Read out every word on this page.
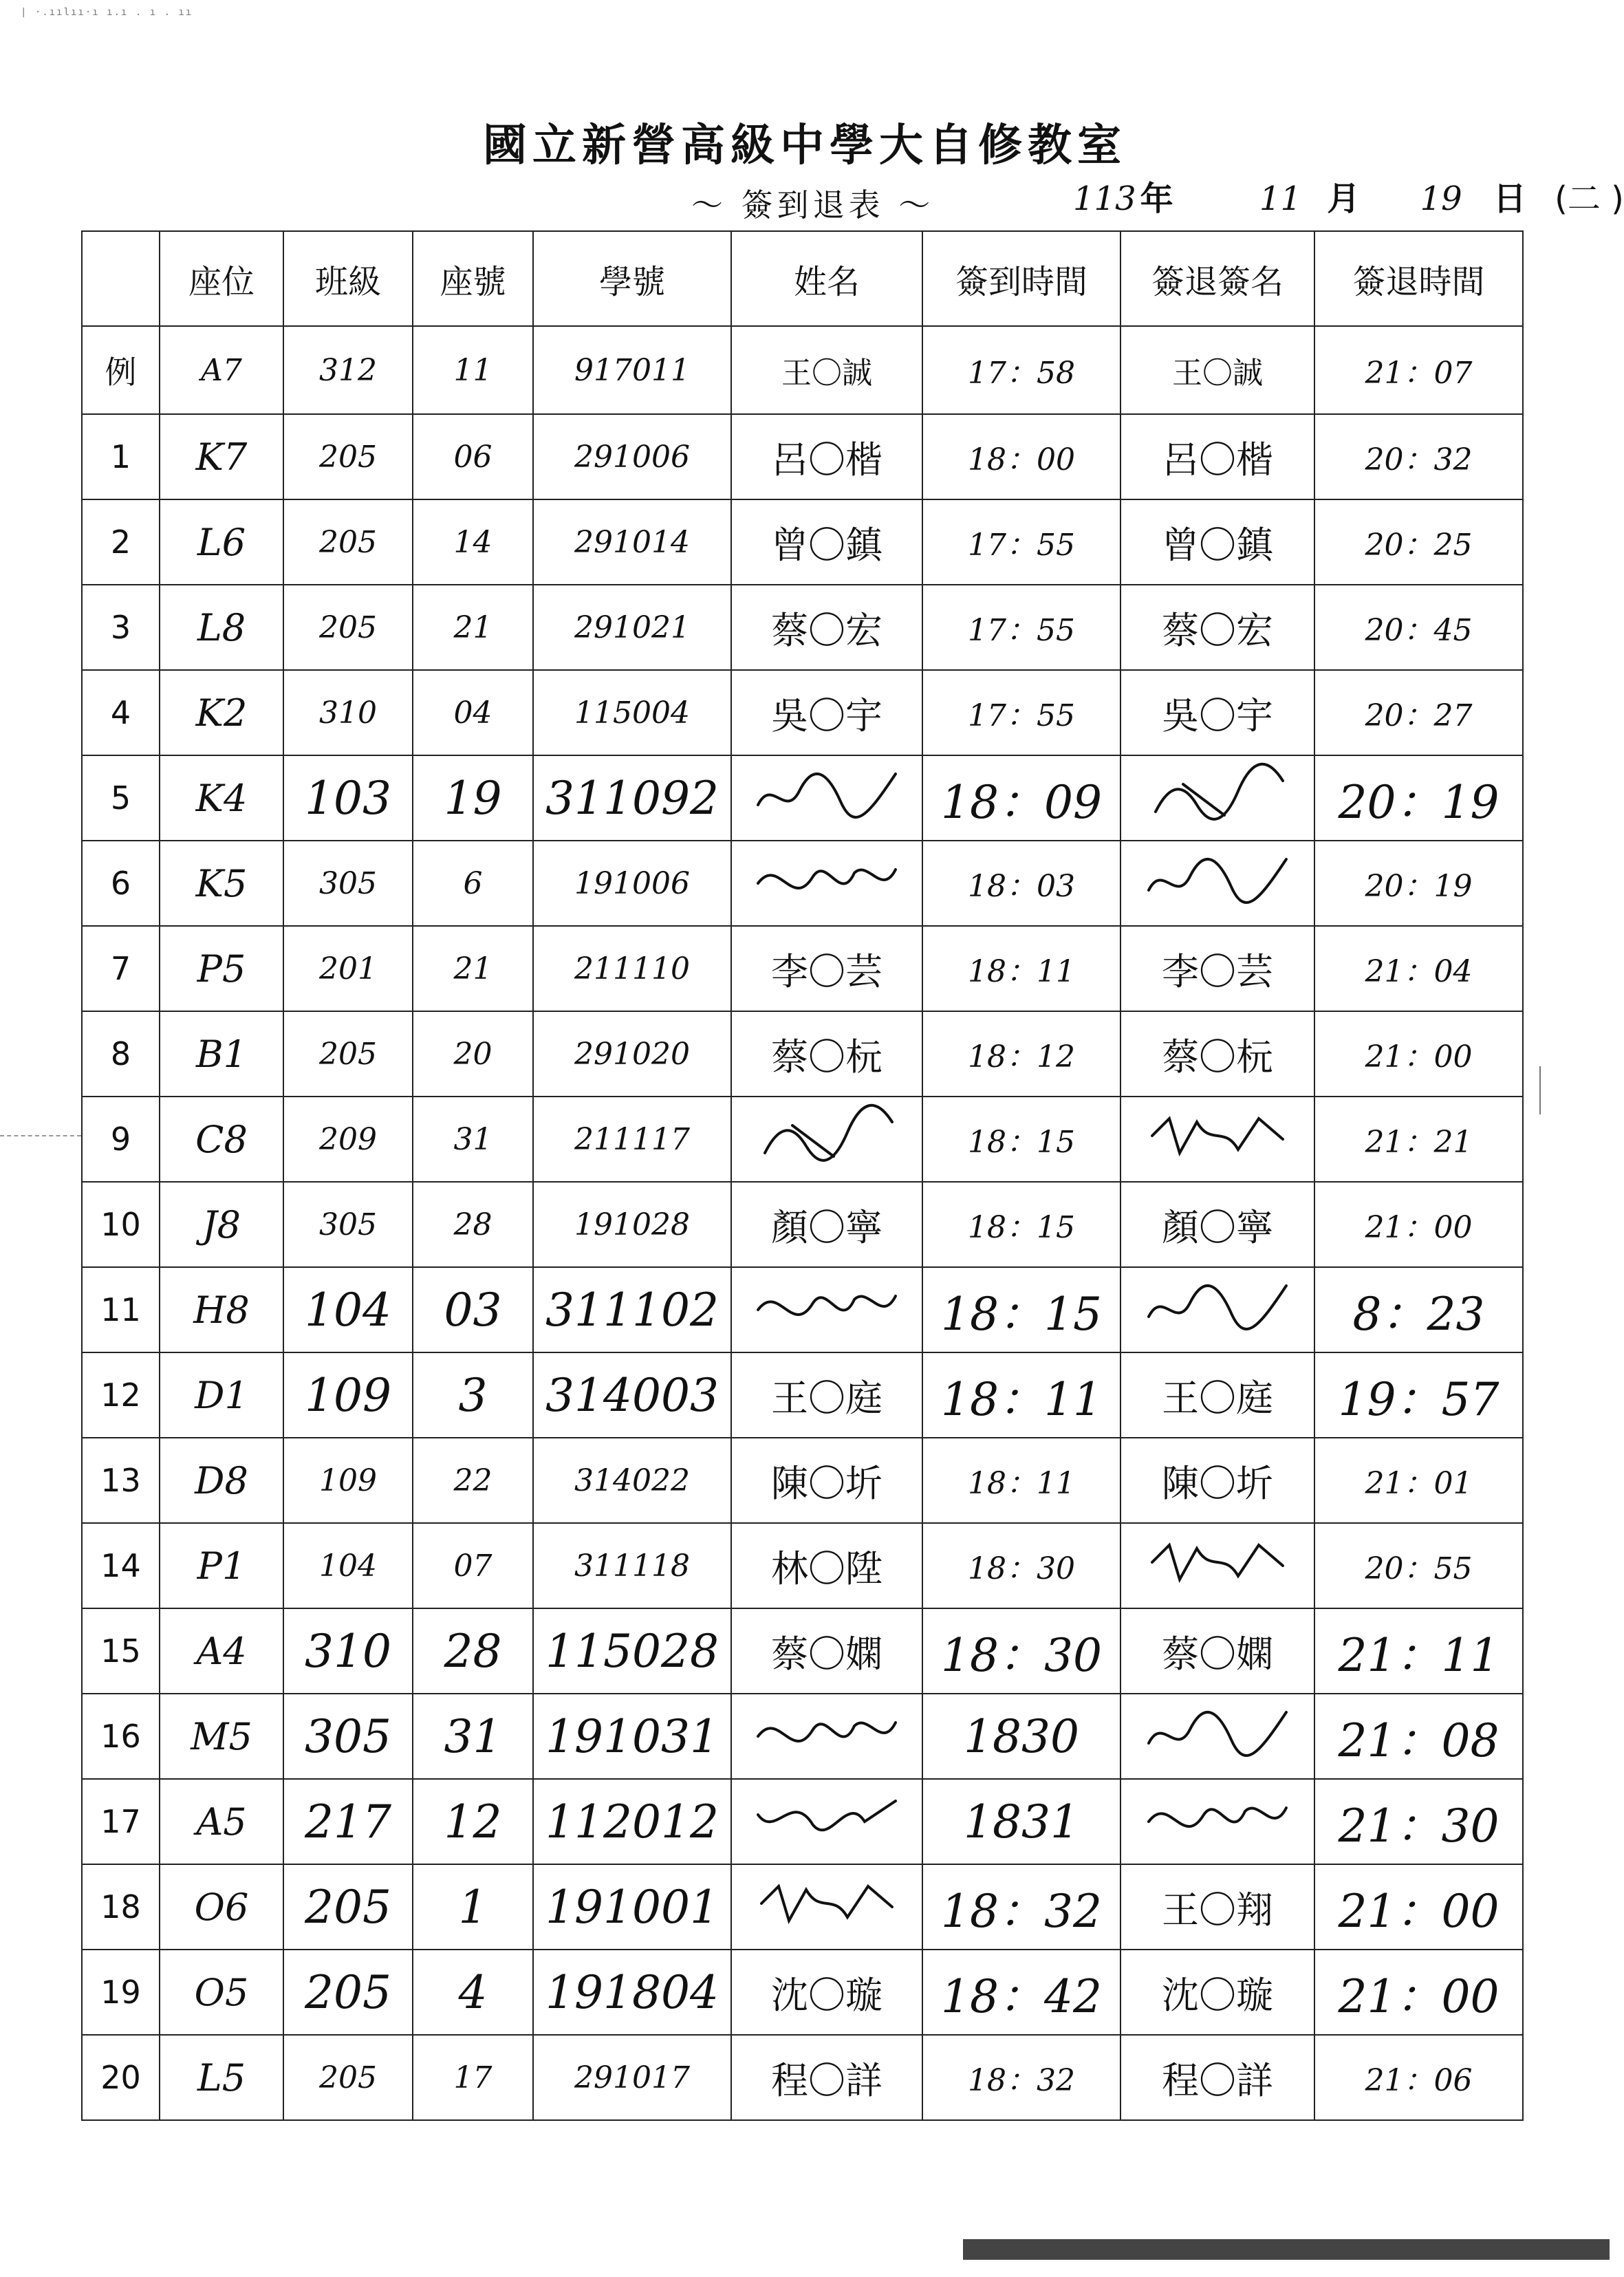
| ·.ıılıı·ı ı.ı . ı . ıı
國立新營高級中學大自修教室
～ 簽到退表 ～	113 年	11 月 19 日 (二 )
	座位	班級	座號	學號	姓名	簽到時間	簽退簽名	簽退時間
例	A7	312	11	917011	王〇誠	17：58	王〇誠	21：07
1	K7	205	06	291006	呂〇楷	18：00	呂〇楷	20：32
2	L6	205	14	291014	曾〇鎮	17：55	曾〇鎮	20：25
3	L8	205	21	291021	蔡〇宏	17：55	蔡〇宏	20：45
4	K2	310	04	115004	吳〇宇	17：55	吳〇宇	20：27
5	K4	103	19	311092		18：09		20：19
6	K5	305	6	191006		18：03		20：19
7	P5	201	21	211110	李〇芸	18：11	李〇芸	21：04
8	B1	205	20	291020	蔡〇杬	18：12	蔡〇杬	21：00
9	C8	209	31	211117		18：15		21：21
10	J8	305	28	191028	顏〇寧	18：15	顏〇寧	21：00
11	H8	104	03	311102		18：15		8：23
12	D1	109	3	314003	王〇庭	18：11	王〇庭	19：57
13	D8	109	22	314022	陳〇圻	18：11	陳〇圻	21：01
14	P1	104	07	311118	林〇陞	18：30		20：55
15	A4	310	28	115028	蔡〇嫻	18：30	蔡〇嫻	21：11
16	M5	305	31	191031		1830		21：08
17	A5	217	12	112012		1831		21：30
18	O6	205	1	191001		18：32	王〇翔	21：00
19	O5	205	4	191804	沈〇璇	18：42	沈〇璇	21：00
20	L5	205	17	291017	程〇詳	18：32	程〇詳	21：06
